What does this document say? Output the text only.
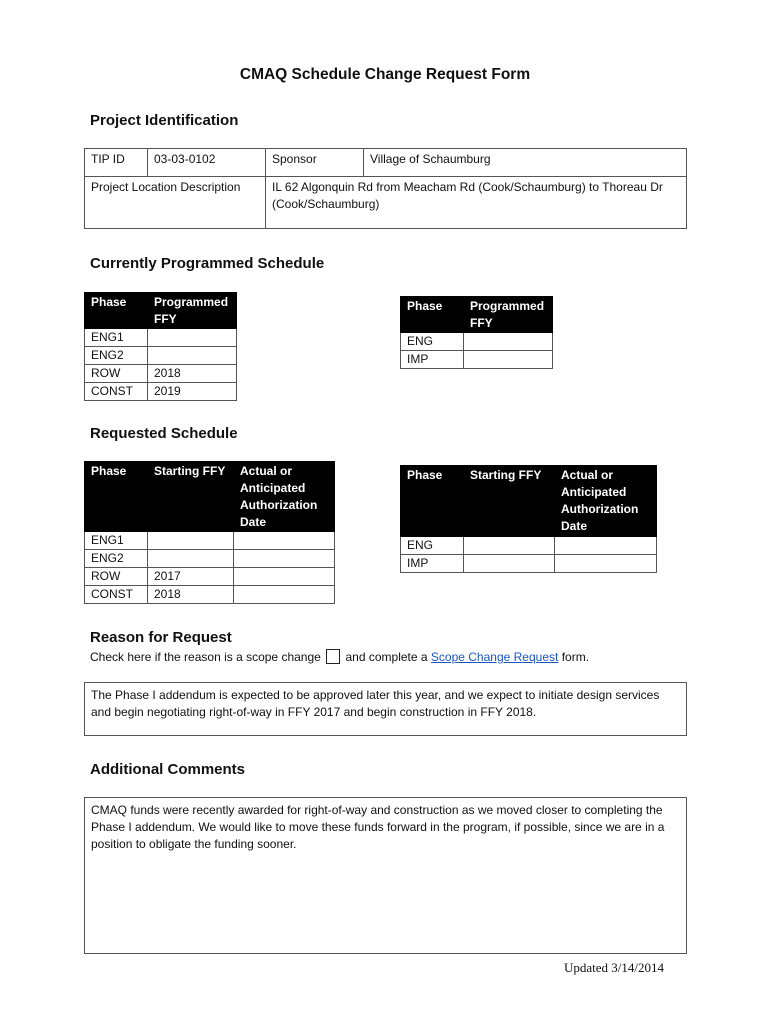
CMAQ Schedule Change Request Form
Project Identification
TIP ID	03-03-0102	Sponsor	Village of Schaumburg
Project Location Description		IL 62 Algonquin Rd from Meacham Rd (Cook/Schaumburg) to Thoreau Dr (Cook/Schaumburg)	
Currently Programmed Schedule
Phase	Programmed FFY
ENG1	
ENG2	
ROW	2018
CONST	2019
Phase	Programmed FFY
ENG	
IMP	
Requested Schedule
Phase	Starting FFY	Actual or Anticipated Authorization Date
ENG1		
ENG2		
ROW	2017	
CONST	2018	
Phase	Starting FFY	Actual or Anticipated Authorization Date
ENG		
IMP		
Reason for Request
Check here if the reason is a scope change and complete a Scope Change Request form.
The Phase I addendum is expected to be approved later this year, and we expect to initiate design services and begin negotiating right-of-way in FFY 2017 and begin construction in FFY 2018.
Additional Comments
CMAQ funds were recently awarded for right-of-way and construction as we moved closer to completing the Phase I addendum. We would like to move these funds forward in the program, if possible, since we are in a position to obligate the funding sooner.
Updated 3/14/2014
